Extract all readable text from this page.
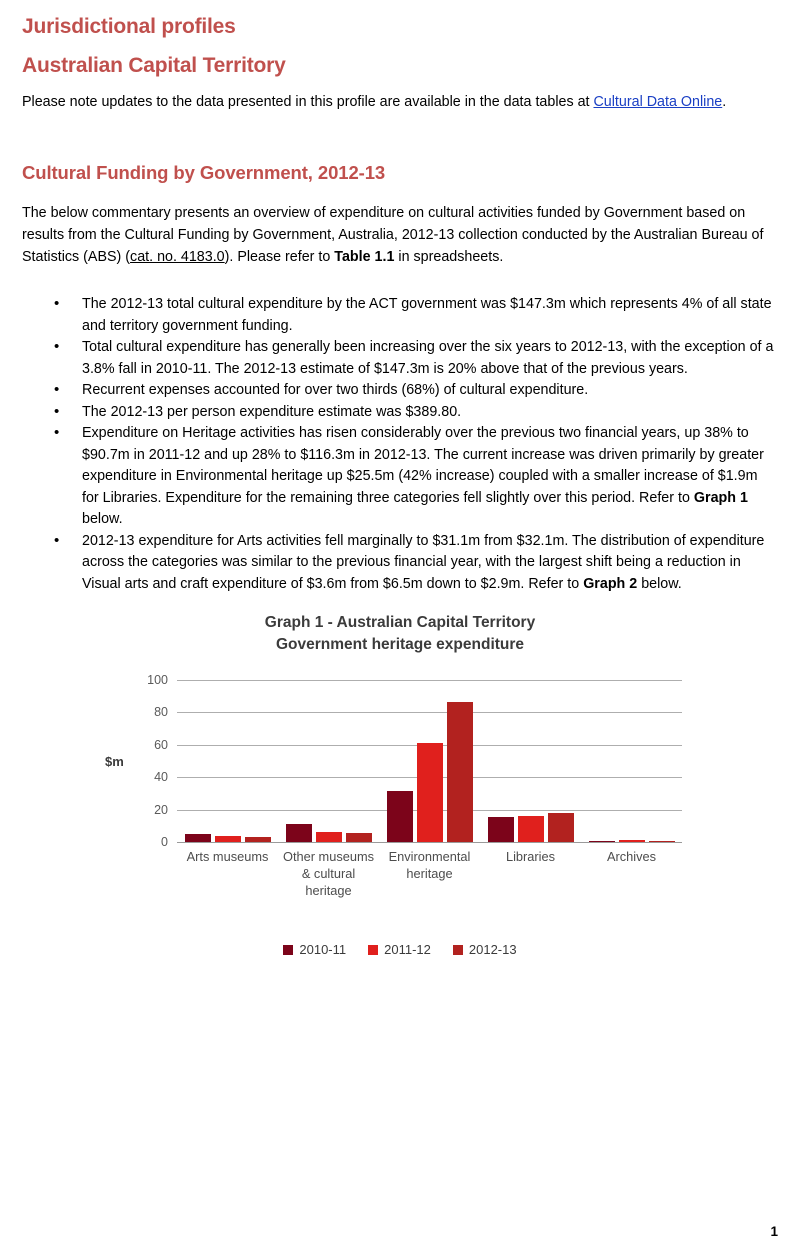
Jurisdictional profiles
Australian Capital Territory

Please note updates to the data presented in this profile are available in the data tables at Cultural Data Online.

Cultural Funding by Government, 2012-13

The below commentary presents an overview of expenditure on cultural activities funded by Government based on results from the Cultural Funding by Government, Australia, 2012-13 collection conducted by the Australian Bureau of Statistics (ABS) (cat. no. 4183.0). Please refer to Table 1.1 in spreadsheets.

• The 2012-13 total cultural expenditure by the ACT government was $147.3m which represents 4% of all state and territory government funding.
• Total cultural expenditure has generally been increasing over the six years to 2012-13, with the exception of a 3.8% fall in 2010-11. The 2012-13 estimate of $147.3m is 20% above that of the previous years.
• Recurrent expenses accounted for over two thirds (68%) of cultural expenditure.
• The 2012-13 per person expenditure estimate was $389.80.
• Expenditure on Heritage activities has risen considerably over the previous two financial years, up 38% to $90.7m in 2011-12 and up 28% to $116.3m in 2012-13. The current increase was driven primarily by greater expenditure in Environmental heritage up $25.5m (42% increase) coupled with a smaller increase of $1.9m for Libraries. Expenditure for the remaining three categories fell slightly over this period. Refer to Graph 1 below.
• 2012-13 expenditure for Arts activities fell marginally to $31.1m from $32.1m. The distribution of expenditure across the categories was similar to the previous financial year, with the largest shift being a reduction in Visual arts and craft expenditure of $3.6m from $6.5m down to $2.9m. Refer to Graph 2 below.
Graph 1 - Australian Capital Territory
Government heritage expenditure
$m
100
80
60
40
20
0
Arts museums	Other museums & cultural heritage
Environmental heritage
Libraries	Archives
2010-11	2011-12	2012-13
1
